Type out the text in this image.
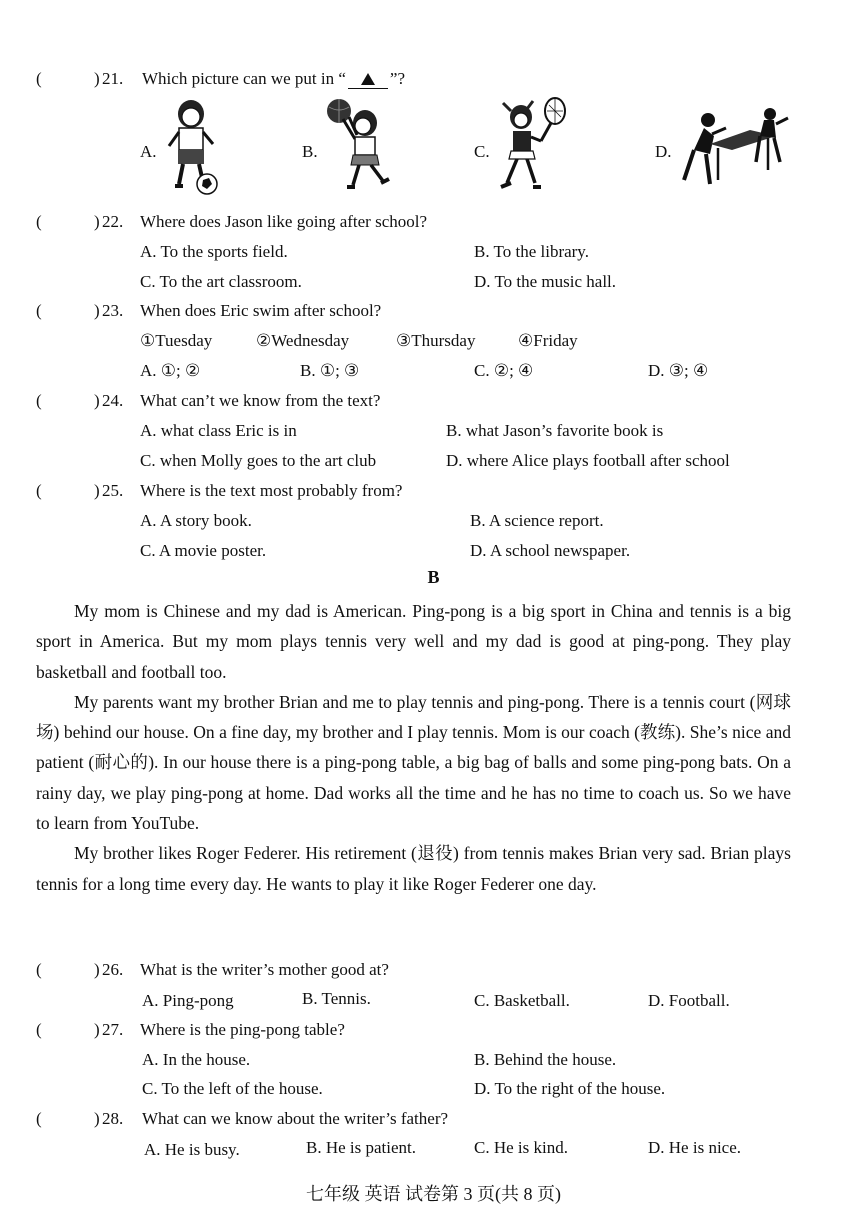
(	) 21. Which picture can we put in “	”?
A.	B.	C.	D.
(	) 22. Where does Jason like going after school?
A. To the sports field.	B. To the library.
C. To the art classroom.	D. To the music hall.
(	) 23. When does Eric swim after school?
①Tuesday	②Wednesday	③Thursday	④Friday
A. ①; ②	B. ①; ③	C. ②; ④	D. ③; ④
(	) 24. What can’t we know from the text?
A. what class Eric is in	B. what Jason’s favorite book is
C. when Molly goes to the art club	D. where Alice plays football after school
(	) 25. Where is the text most probably from?
A. A story book.	B. A science report.
C. A movie poster.	D. A school newspaper.
B

My mom is Chinese and my dad is American. Ping-pong is a big sport in China and tennis is a big sport in America. But my mom plays tennis very well and my dad is good at ping-pong. They play basketball and football too.

My parents want my brother Brian and me to play tennis and ping-pong. There is a tennis court (网球场) behind our house. On a fine day, my brother and I play tennis. Mom is our coach (教练). She’s nice and patient (耐心的). In our house there is a ping-pong table, a big bag of balls and some ping-pong bats. On a rainy day, we play ping-pong at home. Dad works all the time and he has no time to coach us. So we have to learn from YouTube.

My brother likes Roger Federer. His retirement (退役) from tennis makes Brian very sad. Brian plays tennis for a long time every day. He wants to play it like Roger Federer one day.

(	) 26. What is the writer’s mother good at?
A. Ping-pong	B. Tennis.	C. Basketball.	D. Football.
(	) 27. Where is the ping-pong table?
A. In the house.	B. Behind the house.
C. To the left of the house.	D. To the right of the house.
(	) 28. What can we know about the writer’s father?
A. He is busy.	B. He is patient.	C. He is kind.	D. He is nice.
七年级 英语 试卷第 3 页(共 8 页)
